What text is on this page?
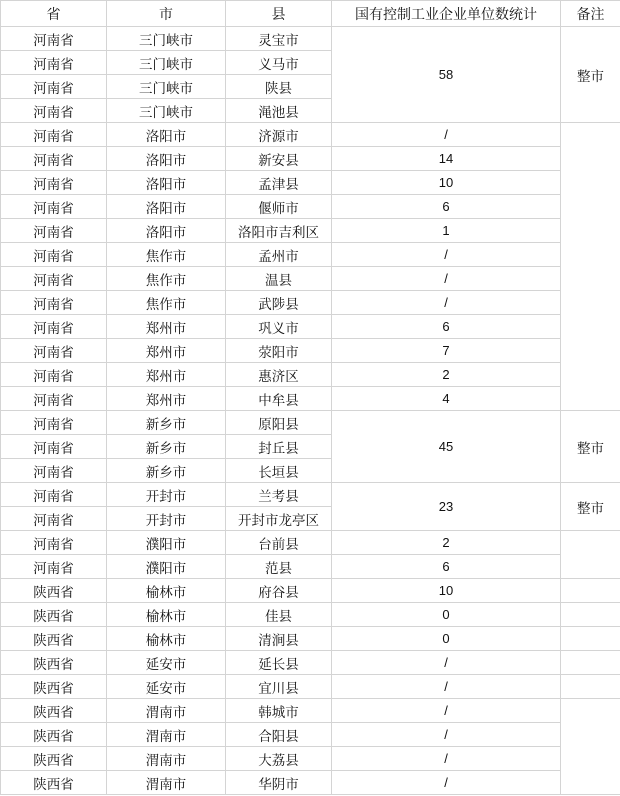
省	市	县	国有控制工业企业单位数统计	备注
河南省	三门峡市	灵宝市	58	整市
河南省	三门峡市	义马市		
河南省	三门峡市	陕县		
河南省	三门峡市	渑池县		
河南省	洛阳市	济源市	/	
河南省	洛阳市	新安县	14	
河南省	洛阳市	孟津县	10	
河南省	洛阳市	偃师市	6	
河南省	洛阳市	洛阳市吉利区	1	
河南省	焦作市	孟州市	/	
河南省	焦作市	温县	/	
河南省	焦作市	武陟县	/	
河南省	郑州市	巩义市	6	
河南省	郑州市	荥阳市	7	
河南省	郑州市	惠济区	2	
河南省	郑州市	中牟县	4	
河南省	新乡市	原阳县	45	整市
河南省	新乡市	封丘县		
河南省	新乡市	长垣县		
河南省	开封市	兰考县	23	整市
河南省	开封市	开封市龙亭区		
河南省	濮阳市	台前县	2	
河南省	濮阳市	范县	6	
陕西省	榆林市	府谷县	10	
陕西省	榆林市	佳县	0	
陕西省	榆林市	清涧县	0	
陕西省	延安市	延长县	/	
陕西省	延安市	宜川县	/	
陕西省	渭南市	韩城市	/	
陕西省	渭南市	合阳县	/	
陕西省	渭南市	大荔县	/	
陕西省	渭南市	华阴市	/	
